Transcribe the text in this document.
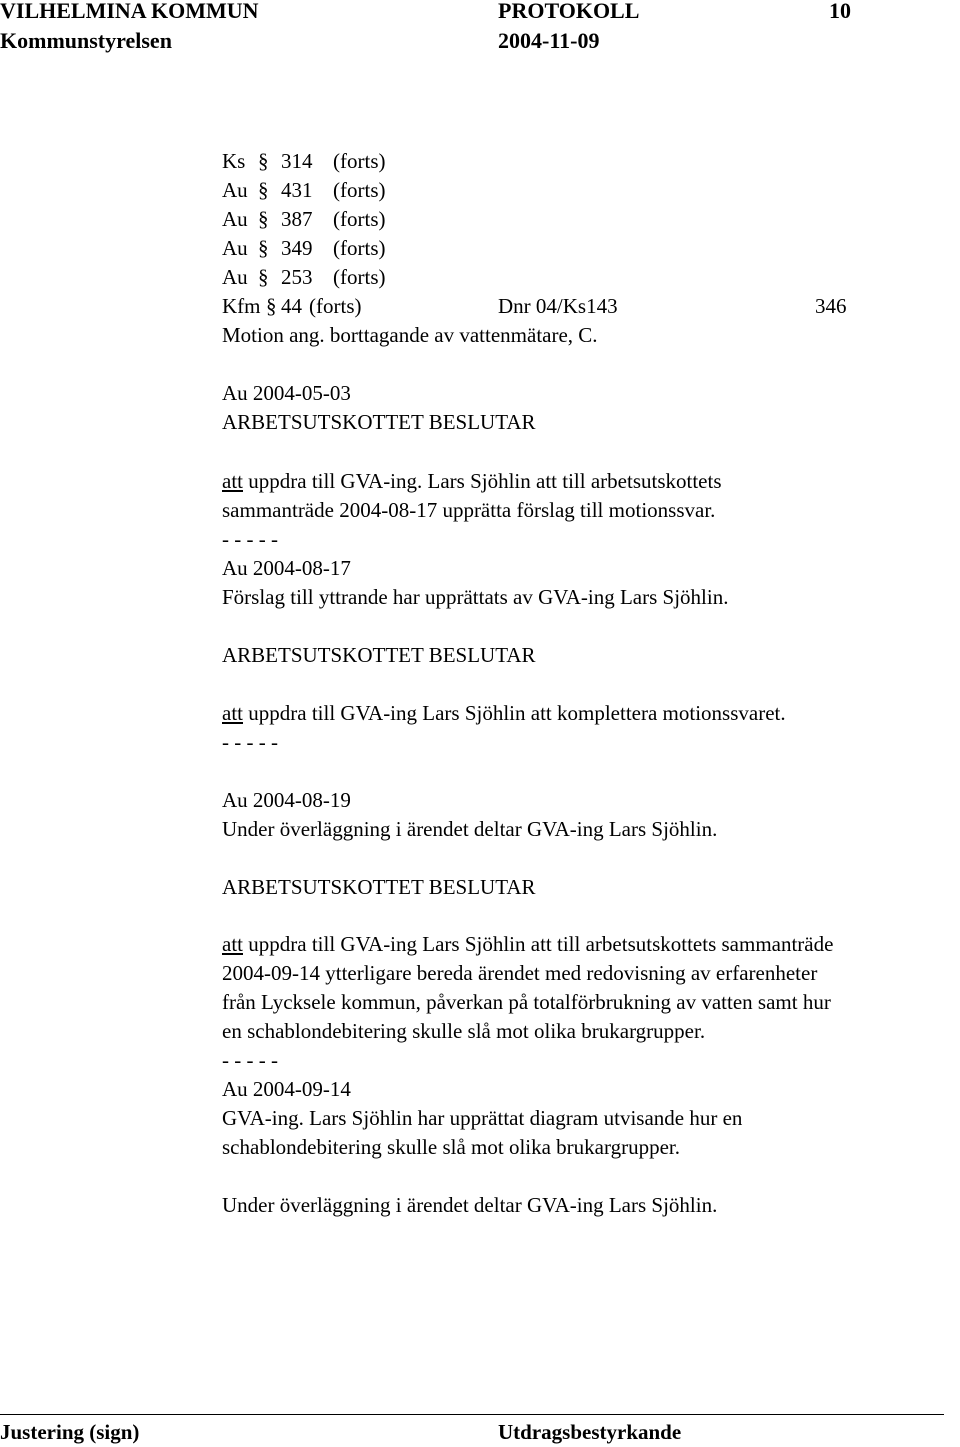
VILHELMINA KOMMUN	PROTOKOLL	10
Kommunstyrelsen	2004-11-09
Ks § 314 (forts)
Au § 431 (forts)
Au § 387 (forts)
Au § 349 (forts)
Au § 253 (forts)
Kfm § 44 (forts)	Dnr 04/Ks143	346
Motion ang. borttagande av vattenmätare, C.
Au 2004-05-03
ARBETSUTSKOTTET BESLUTAR
att uppdra till GVA-ing. Lars Sjöhlin att till arbetsutskottets
sammanträde 2004-08-17 upprätta förslag till motionssvar.
- - - - -
Au 2004-08-17
Förslag till yttrande har upprättats av GVA-ing Lars Sjöhlin.
ARBETSUTSKOTTET BESLUTAR
att uppdra till GVA-ing Lars Sjöhlin att komplettera motionssvaret.
- - - - -
Au 2004-08-19
Under överläggning i ärendet deltar GVA-ing Lars Sjöhlin.
ARBETSUTSKOTTET BESLUTAR
att uppdra till GVA-ing Lars Sjöhlin att till arbetsutskottets sammanträde
2004-09-14 ytterligare bereda ärendet med redovisning av erfarenheter
från Lycksele kommun, påverkan på totalförbrukning av vatten samt hur
en schablondebitering skulle slå mot olika brukargrupper.
- - - - -
Au 2004-09-14
GVA-ing. Lars Sjöhlin har upprättat diagram utvisande hur en
schablondebitering skulle slå mot olika brukargrupper.
Under överläggning i ärendet deltar GVA-ing Lars Sjöhlin.
Justering (sign)	Utdragsbestyrkande
